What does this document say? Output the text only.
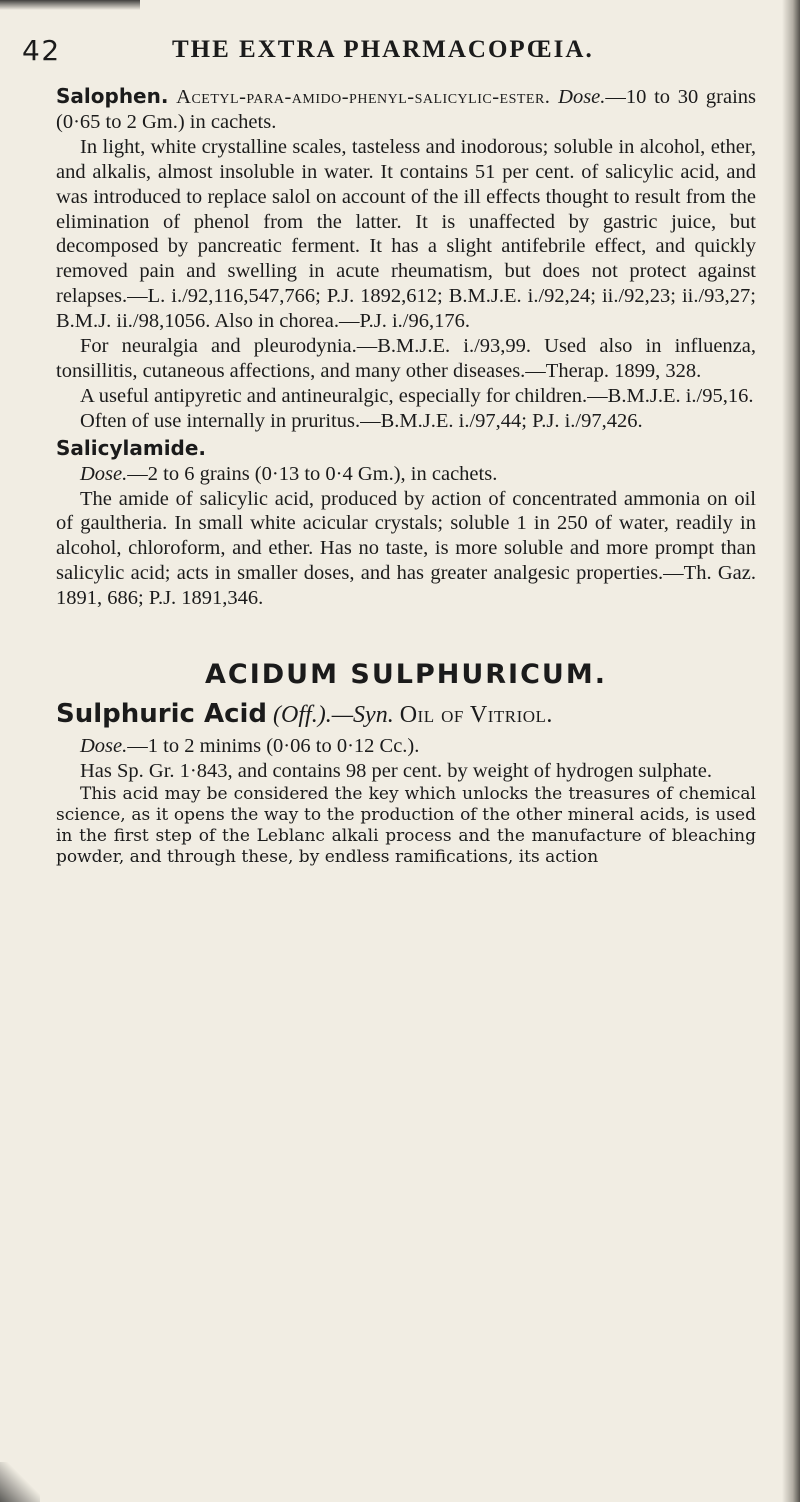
42	THE EXTRA PHARMACOPŒIA.

Salophen. Acetyl-para-amido-phenyl-salicylic-ester. Dose.—10 to 30 grains (0·65 to 2 Gm.) in cachets.

In light, white crystalline scales, tasteless and inodorous; soluble in alcohol, ether, and alkalis, almost insoluble in water. It contains 51 per cent. of salicylic acid, and was introduced to replace salol on account of the ill effects thought to result from the elimination of phenol from the latter. It is unaffected by gastric juice, but decomposed by pancreatic ferment. It has a slight antifebrile effect, and quickly removed pain and swelling in acute rheumatism, but does not protect against relapses.—L. i./92,116,547,766; P.J. 1892,612; B.M.J.E. i./92,24; ii./92,23; ii./93,27; B.M.J. ii./98,1056. Also in chorea.—P.J. i./96,176.

For neuralgia and pleurodynia.—B.M.J.E. i./93,99. Used also in influenza, tonsillitis, cutaneous affections, and many other diseases.—Therap. 1899, 328.

A useful antipyretic and antineuralgic, especially for children.—B.M.J.E. i./95,16.

Often of use internally in pruritus.—B.M.J.E. i./97,44; P.J. i./97,426.

Salicylamide.

Dose.—2 to 6 grains (0·13 to 0·4 Gm.), in cachets.

The amide of salicylic acid, produced by action of concentrated ammonia on oil of gaultheria. In small white acicular crystals; soluble 1 in 250 of water, readily in alcohol, chloroform, and ether. Has no taste, is more soluble and more prompt than salicylic acid; acts in smaller doses, and has greater analgesic properties.—Th. Gaz. 1891, 686; P.J. 1891,346.

ACIDUM SULPHURICUM.

Sulphuric Acid (Off.).—Syn. Oil of Vitriol.

Dose.—1 to 2 minims (0·06 to 0·12 Cc.).

Has Sp. Gr. 1·843, and contains 98 per cent. by weight of hydrogen sulphate.

This acid may be considered the key which unlocks the treasures of chemical science, as it opens the way to the production of the other mineral acids, is used in the first step of the Leblanc alkali process and the manufacture of bleaching powder, and through these, by endless ramifications, its action
